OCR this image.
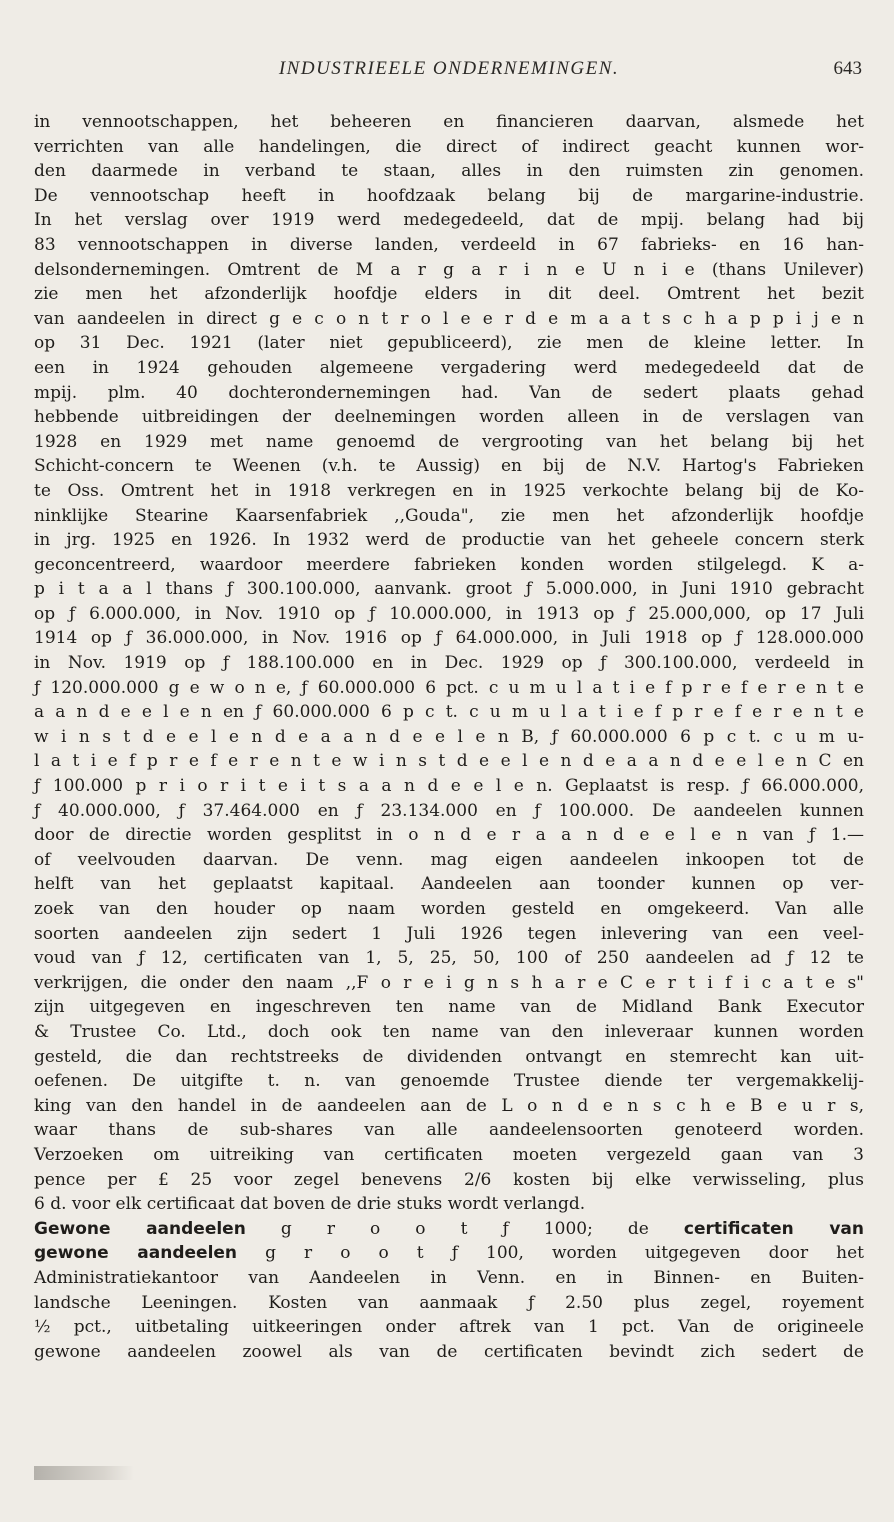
INDUSTRIEELE ONDERNEMINGEN.	643
in vennootschappen, het beheeren en financieren daarvan, alsmede het
verrichten van alle handelingen, die direct of indirect geacht kunnen wor-
den daarmede in verband te staan, alles in den ruimsten zin genomen.
De vennootschap heeft in hoofdzaak belang bij de margarine-industrie.
In het verslag over 1919 werd medegedeeld, dat de mpij. belang had bij
83 vennootschappen in diverse landen, verdeeld in 67 fabrieks- en 16 han-
delsondernemingen. Omtrent de M a r g a r i n e U n i e (thans Unilever)
zie men het afzonderlijk hoofdje elders in dit deel. Omtrent het bezit
van aandeelen in direct g e c o n t r o l e e r d e m a a t s c h a p p i j e n
op 31 Dec. 1921 (later niet gepubliceerd), zie men de kleine letter. In
een in 1924 gehouden algemeene vergadering werd medegedeeld dat de
mpij. plm. 40 dochterondernemingen had. Van de sedert plaats gehad
hebbende uitbreidingen der deelnemingen worden alleen in de verslagen van
1928 en 1929 met name genoemd de vergrooting van het belang bij het
Schicht-concern te Weenen (v.h. te Aussig) en bij de N.V. Hartog's Fabrieken
te Oss. Omtrent het in 1918 verkregen en in 1925 verkochte belang bij de Ko-
ninklijke Stearine Kaarsenfabriek ,,Gouda", zie men het afzonderlijk hoofdje
in jrg. 1925 en 1926. In 1932 werd de productie van het geheele concern sterk
geconcentreerd, waardoor meerdere fabrieken konden worden stilgelegd. K a-
p i t a a l thans ƒ 300.100.000, aanvank. groot ƒ 5.000.000, in Juni 1910 gebracht
op ƒ 6.000.000, in Nov. 1910 op ƒ 10.000.000, in 1913 op ƒ 25.000,000, op 17 Juli
1914 op ƒ 36.000.000, in Nov. 1916 op ƒ 64.000.000, in Juli 1918 op ƒ 128.000.000
in Nov. 1919 op ƒ 188.100.000 en in Dec. 1929 op ƒ 300.100.000, verdeeld in
ƒ 120.000.000 g e w o n e, ƒ 60.000.000 6 pct. c u m u l a t i e f p r e f e r e n t e
a a n d e e l e n en ƒ 60.000.000 6 p c t. c u m u l a t i e f p r e f e r e n t e
w i n s t d e e l e n d e a a n d e e l e n B, ƒ 60.000.000 6 p c t. c u m u-
l a t i e f p r e f e r e n t e w i n s t d e e l e n d e a a n d e e l e n C en
ƒ 100.000 p r i o r i t e i t s a a n d e e l e n. Geplaatst is resp. ƒ 66.000.000,
ƒ 40.000.000, ƒ 37.464.000 en ƒ 23.134.000 en ƒ 100.000. De aandeelen kunnen
door de directie worden gesplitst in o n d e r a a n d e e l e n van ƒ 1.—
of veelvouden daarvan. De venn. mag eigen aandeelen inkoopen tot de
helft van het geplaatst kapitaal. Aandeelen aan toonder kunnen op ver-
zoek van den houder op naam worden gesteld en omgekeerd. Van alle
soorten aandeelen zijn sedert 1 Juli 1926 tegen inlevering van een veel-
voud van ƒ 12, certificaten van 1, 5, 25, 50, 100 of 250 aandeelen ad ƒ 12 te
verkrijgen, die onder den naam ,,F o r e i g n s h a r e C e r t i f i c a t e s"
zijn uitgegeven en ingeschreven ten name van de Midland Bank Executor
& Trustee Co. Ltd., doch ook ten name van den inleveraar kunnen worden
gesteld, die dan rechtstreeks de dividenden ontvangt en stemrecht kan uit-
oefenen. De uitgifte t. n. van genoemde Trustee diende ter vergemakkelij-
king van den handel in de aandeelen aan de L o n d e n s c h e B e u r s,
waar thans de sub-shares van alle aandeelensoorten genoteerd worden.
Verzoeken om uitreiking van certificaten moeten vergezeld gaan van 3
pence per £ 25 voor zegel benevens 2/6 kosten bij elke verwisseling, plus
6 d. voor elk certificaat dat boven de drie stuks wordt verlangd.
Gewone aandeelen g r o o t ƒ 1000; de certificaten van
gewone aandeelen g r o o t ƒ 100, worden uitgegeven door het
Administratiekantoor van Aandeelen in Venn. en in Binnen- en Buiten-
landsche Leeningen. Kosten van aanmaak ƒ 2.50 plus zegel, royement
½ pct., uitbetaling uitkeeringen onder aftrek van 1 pct. Van de origineele
gewone aandeelen zoowel als van de certificaten bevindt zich sedert de
